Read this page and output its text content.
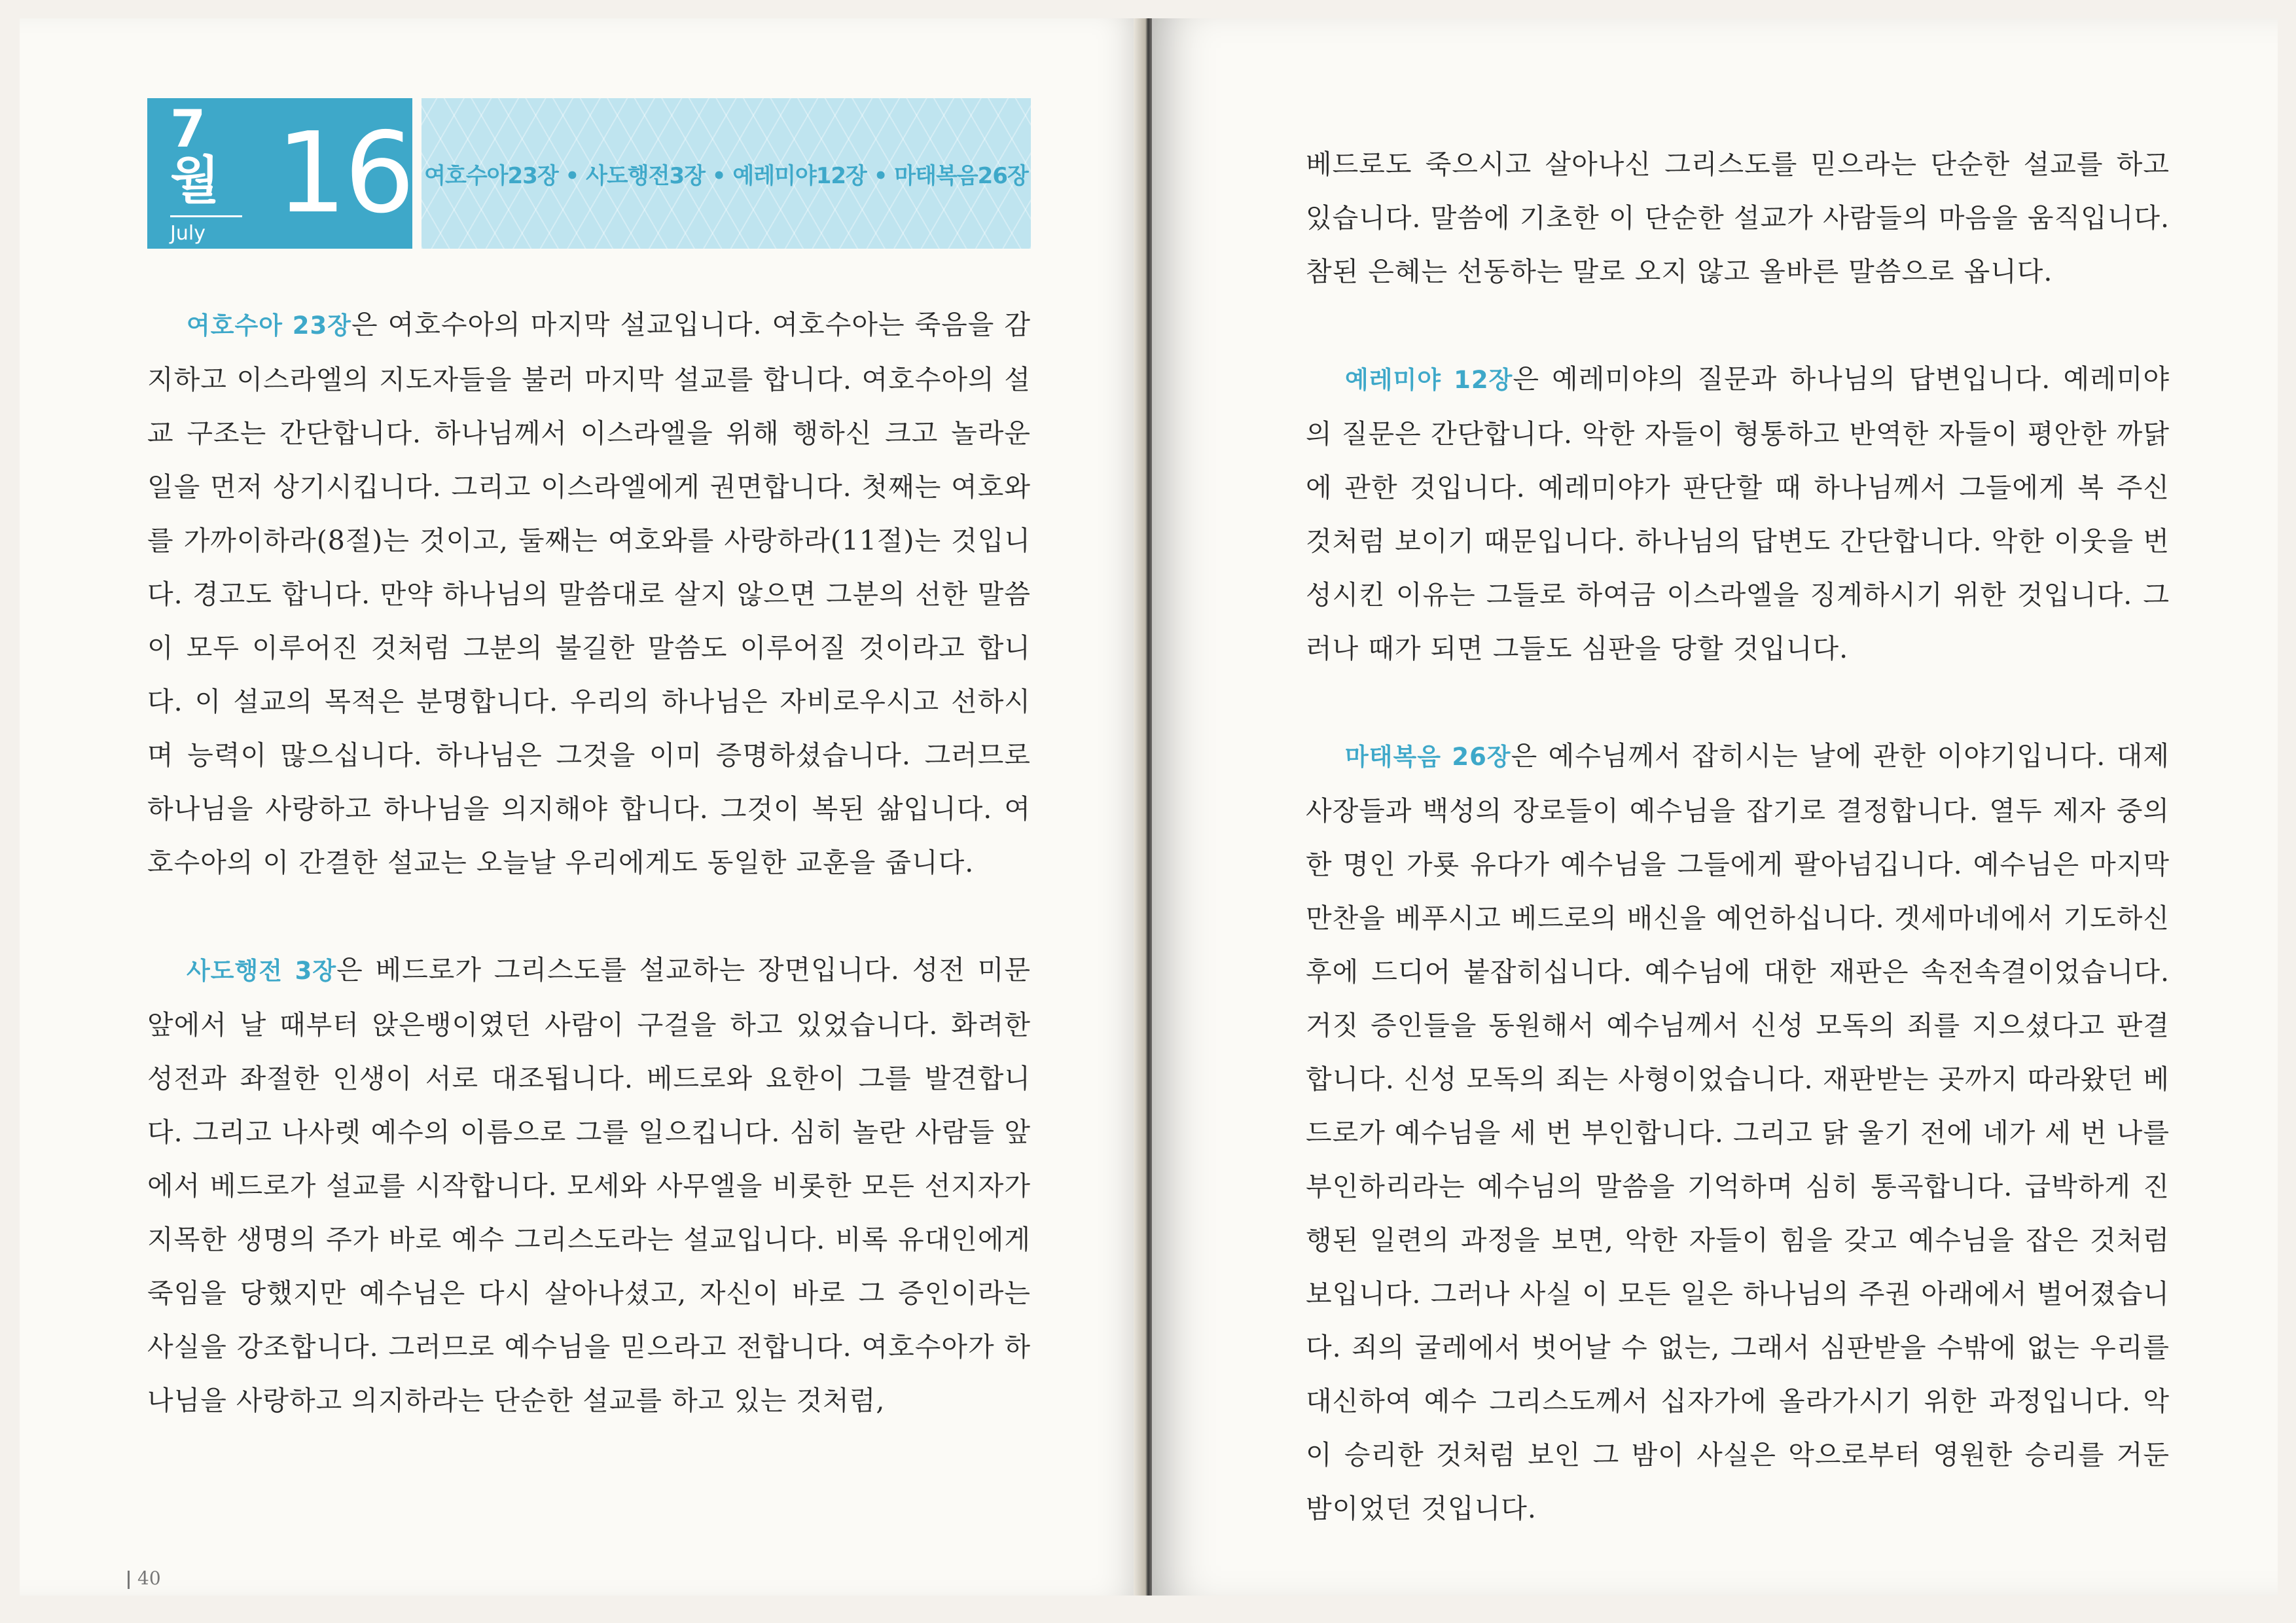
7월
July 16 여호수아23장 • 사도행전3장 • 예레미야12장 • 마태복음26장

여호수아 23장은 여호수아의 마지막 설교입니다. 여호수아는 죽음을 감지하고 이스라엘의 지도자들을 불러 마지막 설교를 합니다. 여호수아의 설교 구조는 간단합니다. 하나님께서 이스라엘을 위해 행하신 크고 놀라운 일을 먼저 상기시킵니다. 그리고 이스라엘에게 권면합니다. 첫째는 여호와를 가까이하라(8절)는 것이고, 둘째는 여호와를 사랑하라(11절)는 것입니다. 경고도 합니다. 만약 하나님의 말씀대로 살지 않으면 그분의 선한 말씀이 모두 이루어진 것처럼 그분의 불길한 말씀도 이루어질 것이라고 합니다. 이 설교의 목적은 분명합니다. 우리의 하나님은 자비로우시고 선하시며 능력이 많으십니다. 하나님은 그것을 이미 증명하셨습니다. 그러므로 하나님을 사랑하고 하나님을 의지해야 합니다. 그것이 복된 삶입니다. 여호수아의 이 간결한 설교는 오늘날 우리에게도 동일한 교훈을 줍니다.

사도행전 3장은 베드로가 그리스도를 설교하는 장면입니다. 성전 미문 앞에서 날 때부터 앉은뱅이였던 사람이 구걸을 하고 있었습니다. 화려한 성전과 좌절한 인생이 서로 대조됩니다. 베드로와 요한이 그를 발견합니다. 그리고 나사렛 예수의 이름으로 그를 일으킵니다. 심히 놀란 사람들 앞에서 베드로가 설교를 시작합니다. 모세와 사무엘을 비롯한 모든 선지자가 지목한 생명의 주가 바로 예수 그리스도라는 설교입니다. 비록 유대인에게 죽임을 당했지만 예수님은 다시 살아나셨고, 자신이 바로 그 증인이라는 사실을 강조합니다. 그러므로 예수님을 믿으라고 전합니다. 여호수아가 하나님을 사랑하고 의지하라는 단순한 설교를 하고 있는 것처럼,

40

베드로도 죽으시고 살아나신 그리스도를 믿으라는 단순한 설교를 하고 있습니다. 말씀에 기초한 이 단순한 설교가 사람들의 마음을 움직입니다. 참된 은혜는 선동하는 말로 오지 않고 올바른 말씀으로 옵니다.

예레미야 12장은 예레미야의 질문과 하나님의 답변입니다. 예레미야의 질문은 간단합니다. 악한 자들이 형통하고 반역한 자들이 평안한 까닭에 관한 것입니다. 예레미야가 판단할 때 하나님께서 그들에게 복 주신 것처럼 보이기 때문입니다. 하나님의 답변도 간단합니다. 악한 이웃을 번성시킨 이유는 그들로 하여금 이스라엘을 징계하시기 위한 것입니다. 그러나 때가 되면 그들도 심판을 당할 것입니다.

마태복음 26장은 예수님께서 잡히시는 날에 관한 이야기입니다. 대제사장들과 백성의 장로들이 예수님을 잡기로 결정합니다. 열두 제자 중의 한 명인 가룟 유다가 예수님을 그들에게 팔아넘깁니다. 예수님은 마지막 만찬을 베푸시고 베드로의 배신을 예언하십니다. 겟세마네에서 기도하신 후에 드디어 붙잡히십니다. 예수님에 대한 재판은 속전속결이었습니다. 거짓 증인들을 동원해서 예수님께서 신성 모독의 죄를 지으셨다고 판결합니다. 신성 모독의 죄는 사형이었습니다. 재판받는 곳까지 따라왔던 베드로가 예수님을 세 번 부인합니다. 그리고 닭 울기 전에 네가 세 번 나를 부인하리라는 예수님의 말씀을 기억하며 심히 통곡합니다. 급박하게 진행된 일련의 과정을 보면, 악한 자들이 힘을 갖고 예수님을 잡은 것처럼 보입니다. 그러나 사실 이 모든 일은 하나님의 주권 아래에서 벌어졌습니다. 죄의 굴레에서 벗어날 수 없는, 그래서 심판받을 수밖에 없는 우리를 대신하여 예수 그리스도께서 십자가에 올라가시기 위한 과정입니다. 악이 승리한 것처럼 보인 그 밤이 사실은 악으로부터 영원한 승리를 거둔 밤이었던 것입니다.
